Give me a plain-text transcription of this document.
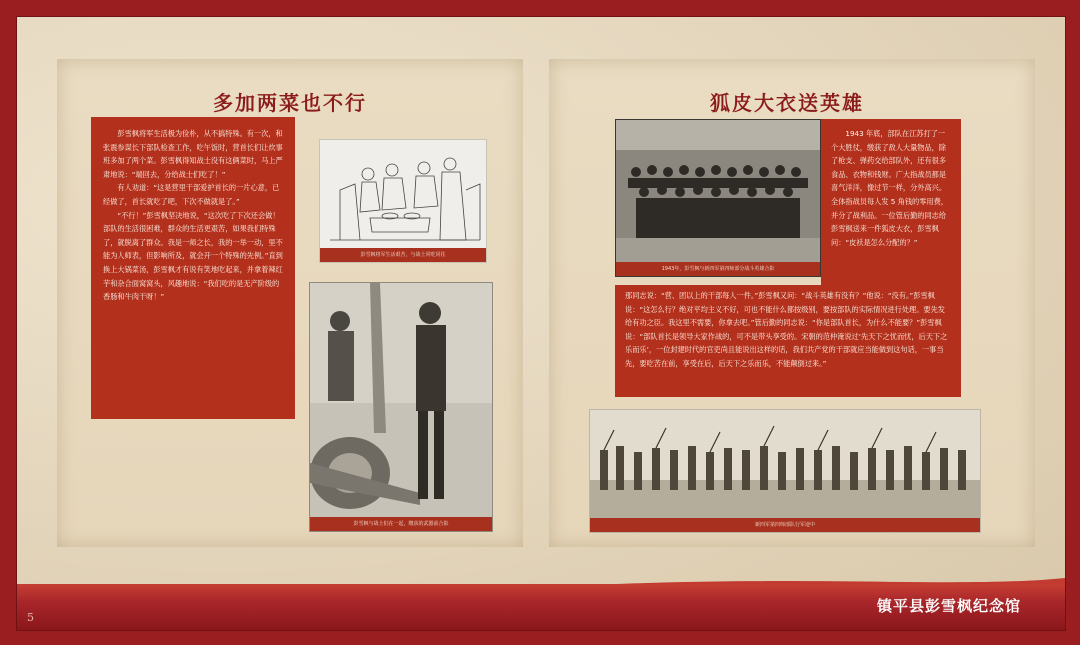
多加两菜也不行

彭雪枫将军生活极为俭朴，从不搞特殊。有一次，和张震参谋长下部队检查工作，吃午饭时，营首长们让炊事班多加了两个菜。彭雪枫得知战士没有这俩菜时，马上严肃地说：“端回去，分给战士们吃了！”

有人劝道：“这是营里干部爱护首长的一片心意，已经做了，首长就吃了吧，下次不做就是了。”

“不行！”彭雪枫坚决地说，“这次吃了下次还会做！部队的生活很困难，群众的生活更艰苦，如果我们特殊了，就脱离了群众。我是一师之长，我的一举一动，里不能为人师表，但影响所及，就会开一个特殊的先例。”直到换上大锅菜汤，彭雪枫才有说有笑地吃起来，并拿着辣红芋和杂合面窝窝头，风趣地说：“我们吃的是无产阶级的香肠和牛肉干呀！”

彭雪枫将军生活艰苦，与战士同吃同住
彭雪枫与战士们在一起，缴获的武器前合影
狐皮大衣送英雄
1943年，彭雪枫与新四军第四师部分战斗英雄合影

1943 年底，部队在江苏打了一个大胜仗，缴获了敌人大量物品，除了枪支、弹药交给部队外，还有很多食品、衣物和钱财。广大指战员都是喜气洋洋，像过节一样，分外高兴。全体指战员每人发 5 角钱的零用费，并分了战利品。一位管后勤的同志给彭雪枫送来一件狐皮大衣，彭雪枫问：“皮袄是怎么分配的？”

那同志说：“营、团以上的干部每人一件。”彭雪枫又问：“战斗英雄有没有？”他说：“没有。”彭雪枫说：“这怎么行？绝对平均主义不好，可也不能什么都按级别，要按部队的实际情况进行处理。要先发给有功之臣。我这里不需要，你拿去吧。”管后勤的同志说：“你是部队首长，为什么不能要？”彭雪枫说：“部队首长是领导大家作战的，可不是带头享受的。宋朝的范仲淹说过‘先天下之忧而忧，后天下之乐而乐’，一位封建时代的官吏尚且能说出这样的话，我们共产党的干部就应当能做到这句话，一事当先，要吃苦在前，享受在后，后天下之乐而乐，不能颠倒过来。”

新四军第四师部队行军途中
5
镇平县彭雪枫纪念馆
